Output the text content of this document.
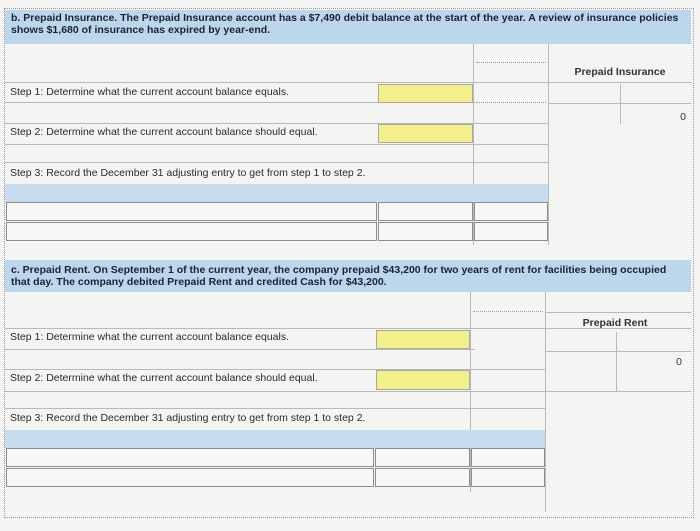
b. Prepaid Insurance. The Prepaid Insurance account has a $7,490 debit balance at the start of the year. A review of insurance policies shows $1,680 of insurance has expired by year-end.
Prepaid Insurance
0
Step 1: Determine what the current account balance equals.
Step 2: Determine what the current account balance should equal.
Step 3: Record the December 31 adjusting entry to get from step 1 to step 2.
c. Prepaid Rent. On September 1 of the current year, the company prepaid $43,200 for two years of rent for facilities being occupied that day. The company debited Prepaid Rent and credited Cash for $43,200.
Prepaid Rent
0
Step 1: Determine what the current account balance equals.
Step 2: Determine what the current account balance should equal.
Step 3: Record the December 31 adjusting entry to get from step 1 to step 2.
